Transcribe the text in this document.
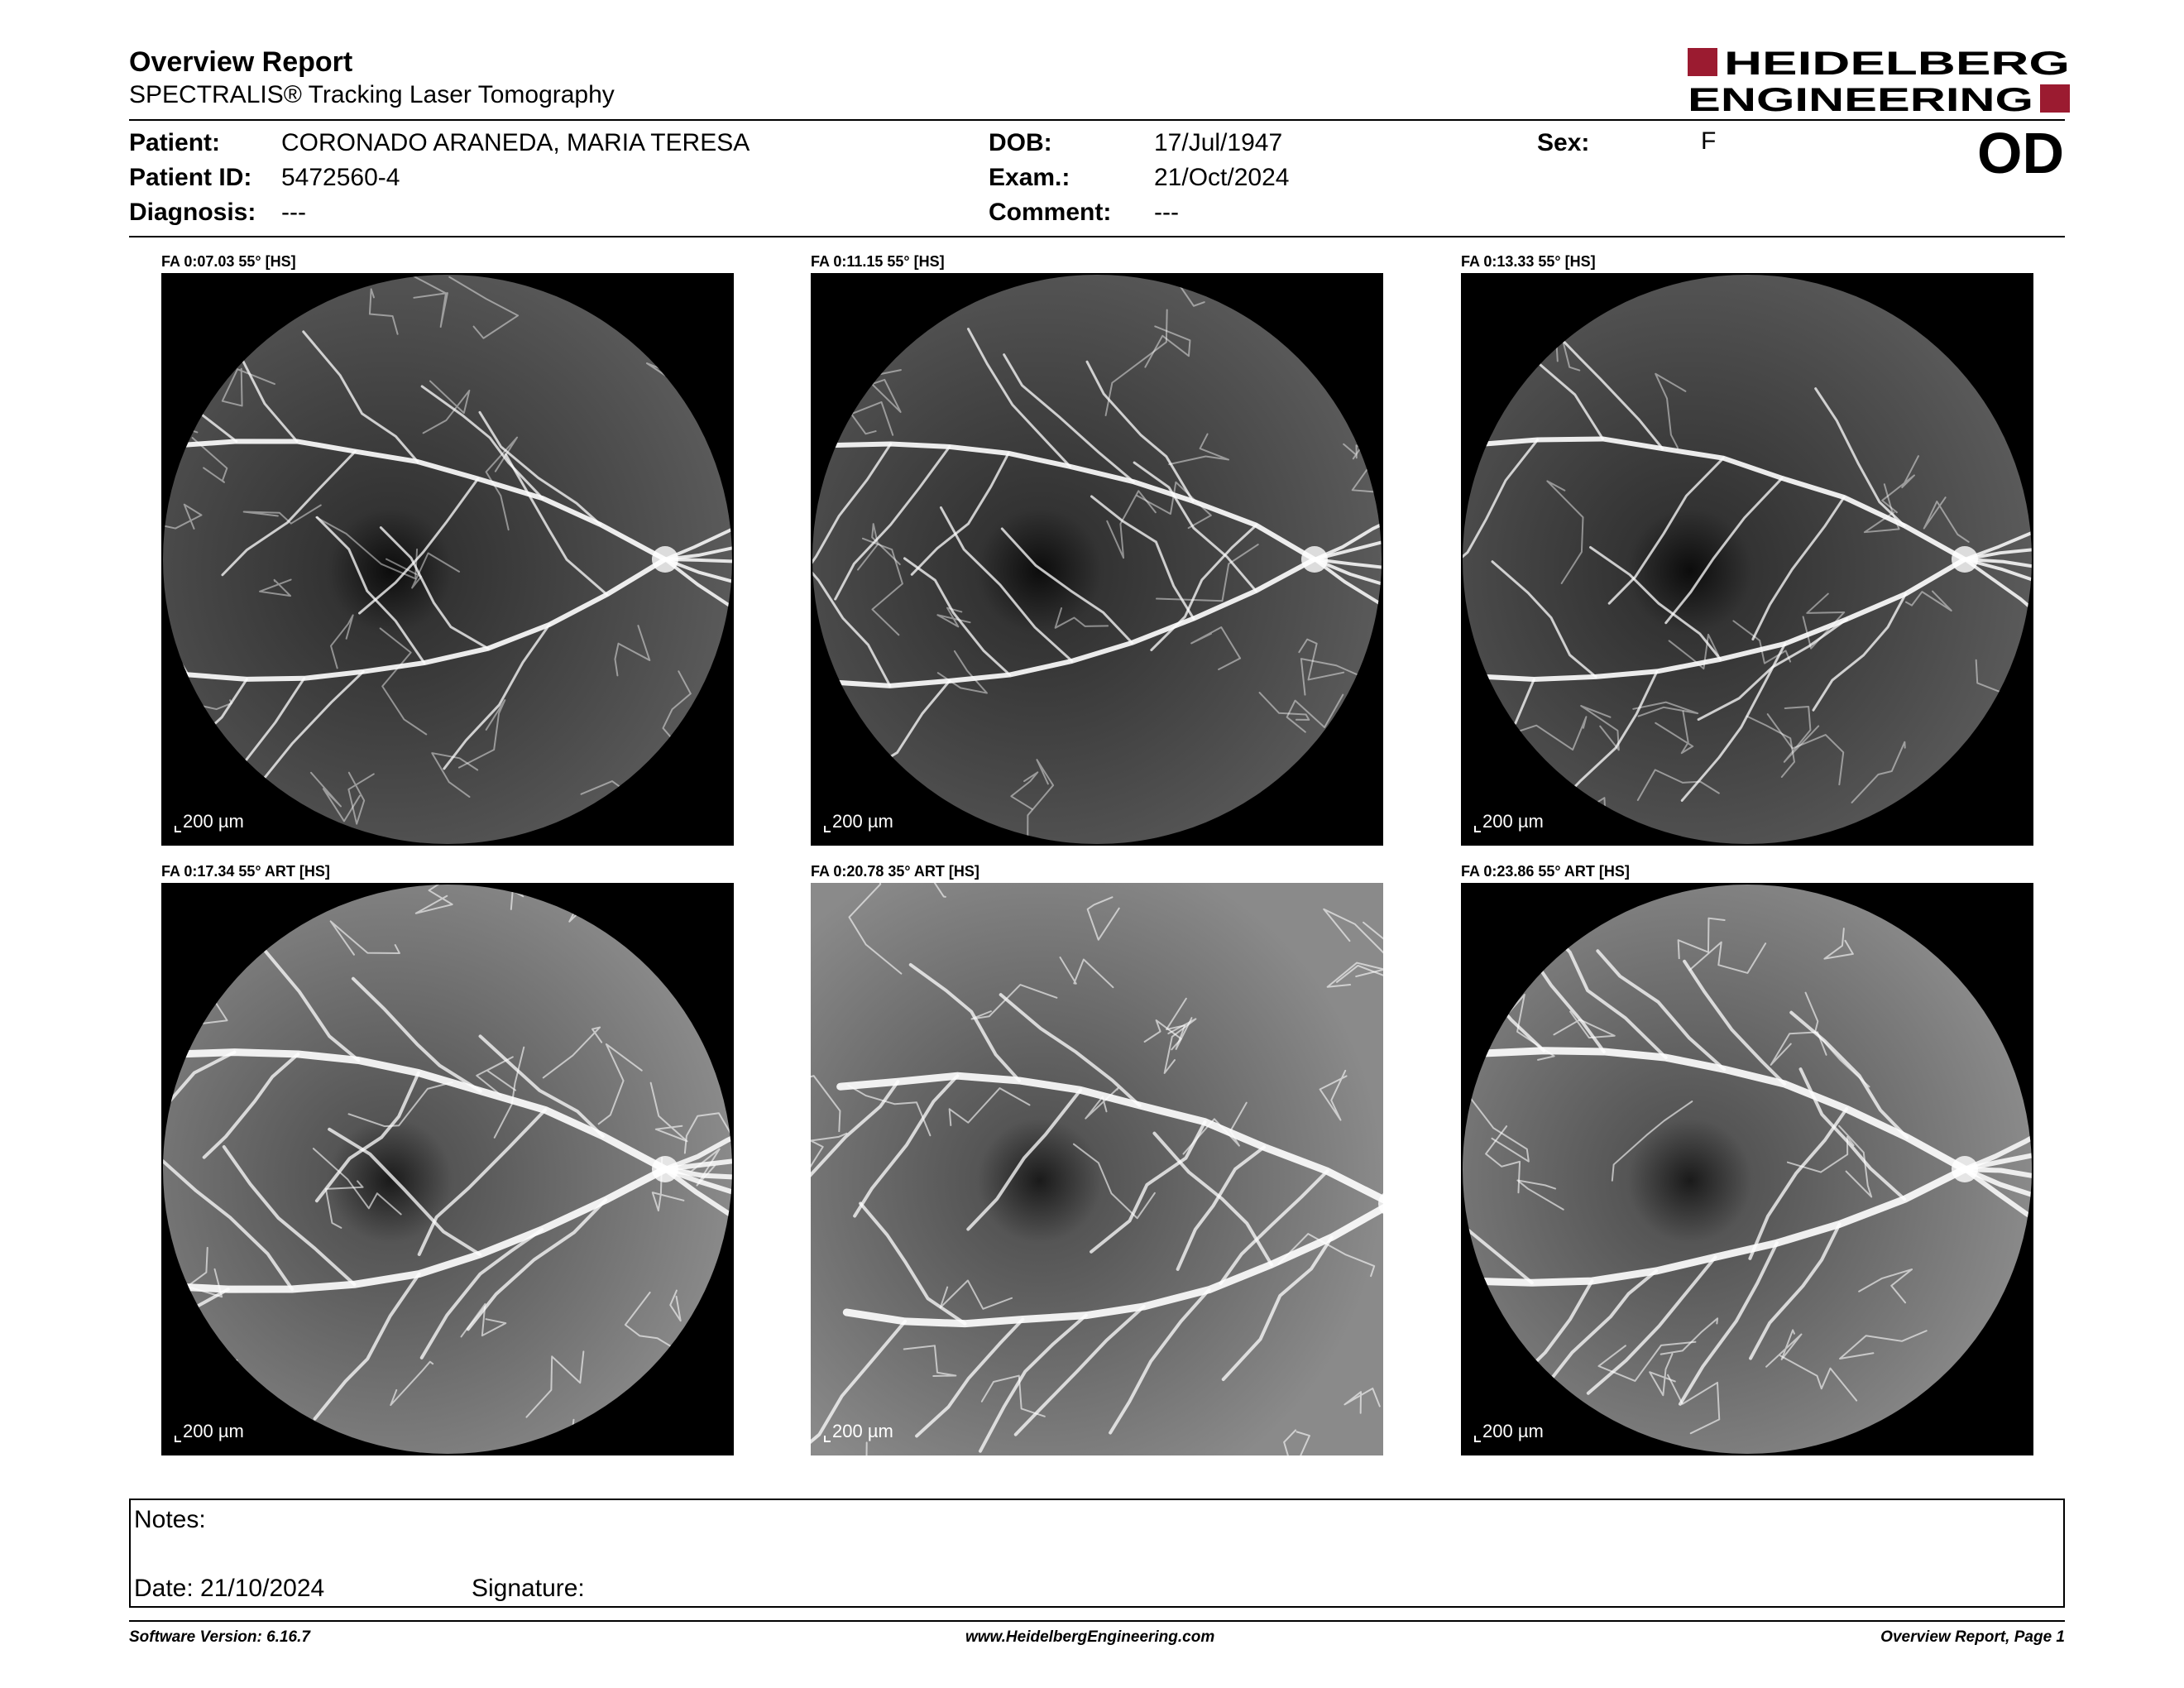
Overview Report
SPECTRALIS® Tracking Laser Tomography
HEIDELBERG
ENGINEERING
Patient: CORONADO ARANEDA, MARIA TERESA
Patient ID: 5472560-4
Diagnosis: ---
DOB:	17/Jul/1947
Exam.:	21/Oct/2024
Comment: ---
Sex:	F	OD
FA 0:07.03 55° [HS]
200 µm
FA 0:11.15 55° [HS]
200 µm
FA 0:13.33 55° [HS]
200 µm
FA 0:17.34 55° ART [HS]
200 µm
FA 0:20.78 35° ART [HS]
200 µm
FA 0:23.86 55° ART [HS]
200 µm
Notes:
Date: 21/10/2024	Signature:
Software Version: 6.16.7	www.HeidelbergEngineering.com	Overview Report, Page 1
